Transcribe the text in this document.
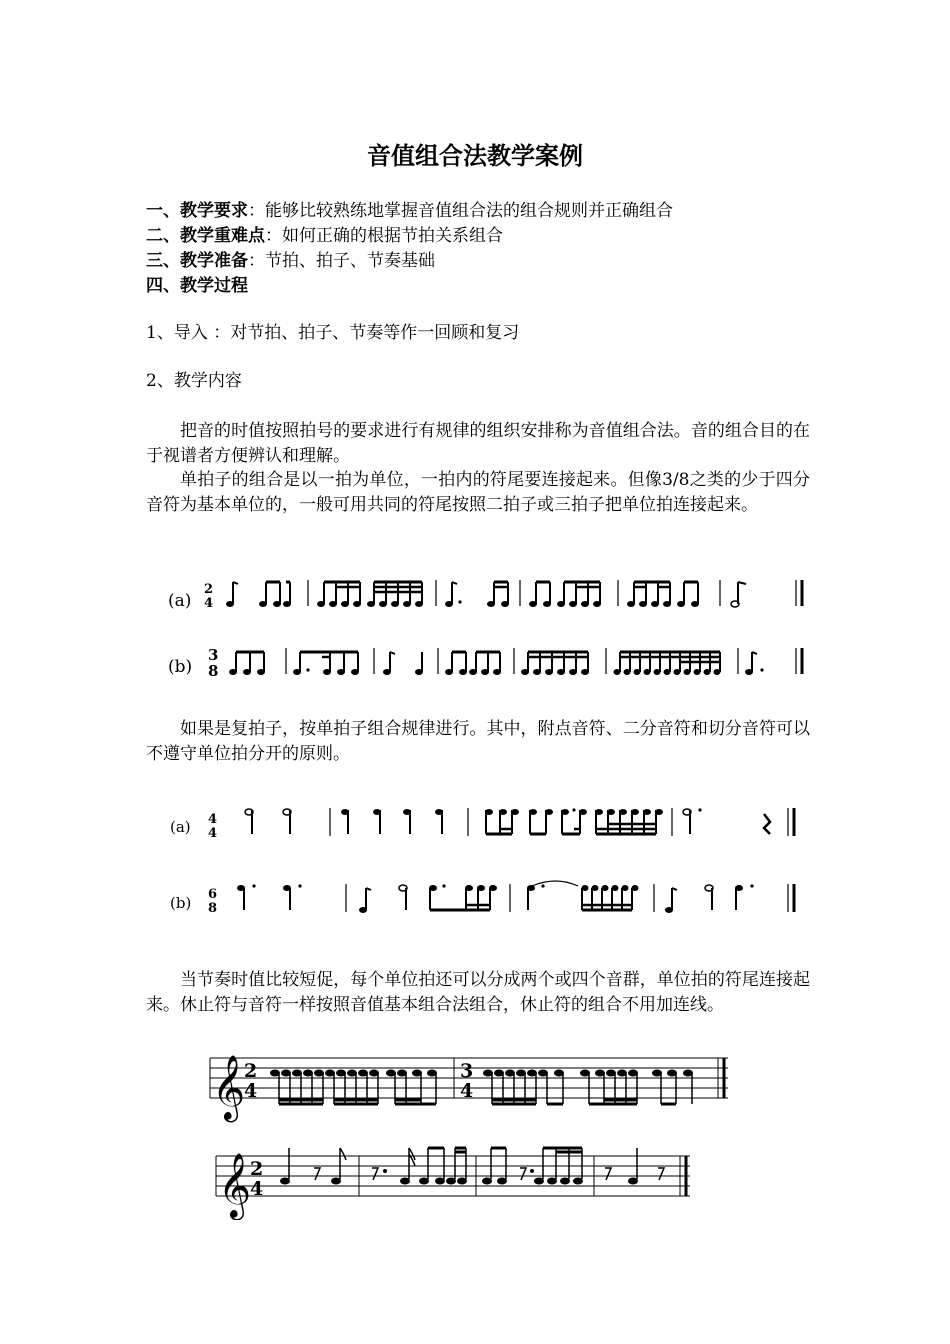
音值组合法教学案例
一、教学要求：能够比较熟练地掌握音值组合法的组合规则并正确组合
二、教学重难点：如何正确的根据节拍关系组合
三、教学准备：节拍、拍子、节奏基础
四、教学过程
1、导入 ：对节拍、拍子、节奏等作一回顾和复习
2、教学内容

把音的时值按照拍号的要求进行有规律的组织安排称为音值组合法。音的组合目的在于视谱者方便辨认和理解。

单拍子的组合是以一拍为单位，一拍内的符尾要连接起来。但像3/8之类的少于四分音符为基本单位的，一般可用共同的符尾按照二拍子或三拍子把单位拍连接起来。

(a)
2
4
(b)
3
8

如果是复拍子，按单拍子组合规律进行。其中，附点音符、二分音符和切分音符可以不遵守单位拍分开的原则。

(a) 4
4
(b) 6
8

当节奏时值比较短促，每个单位拍还可以分成两个或四个音群，单位拍的符尾连接起来。休止符与音符一样按照音值基本组合法组合，休止符的组合不用加连线。

𝄞
2
4
3
4
𝄞
2
4
